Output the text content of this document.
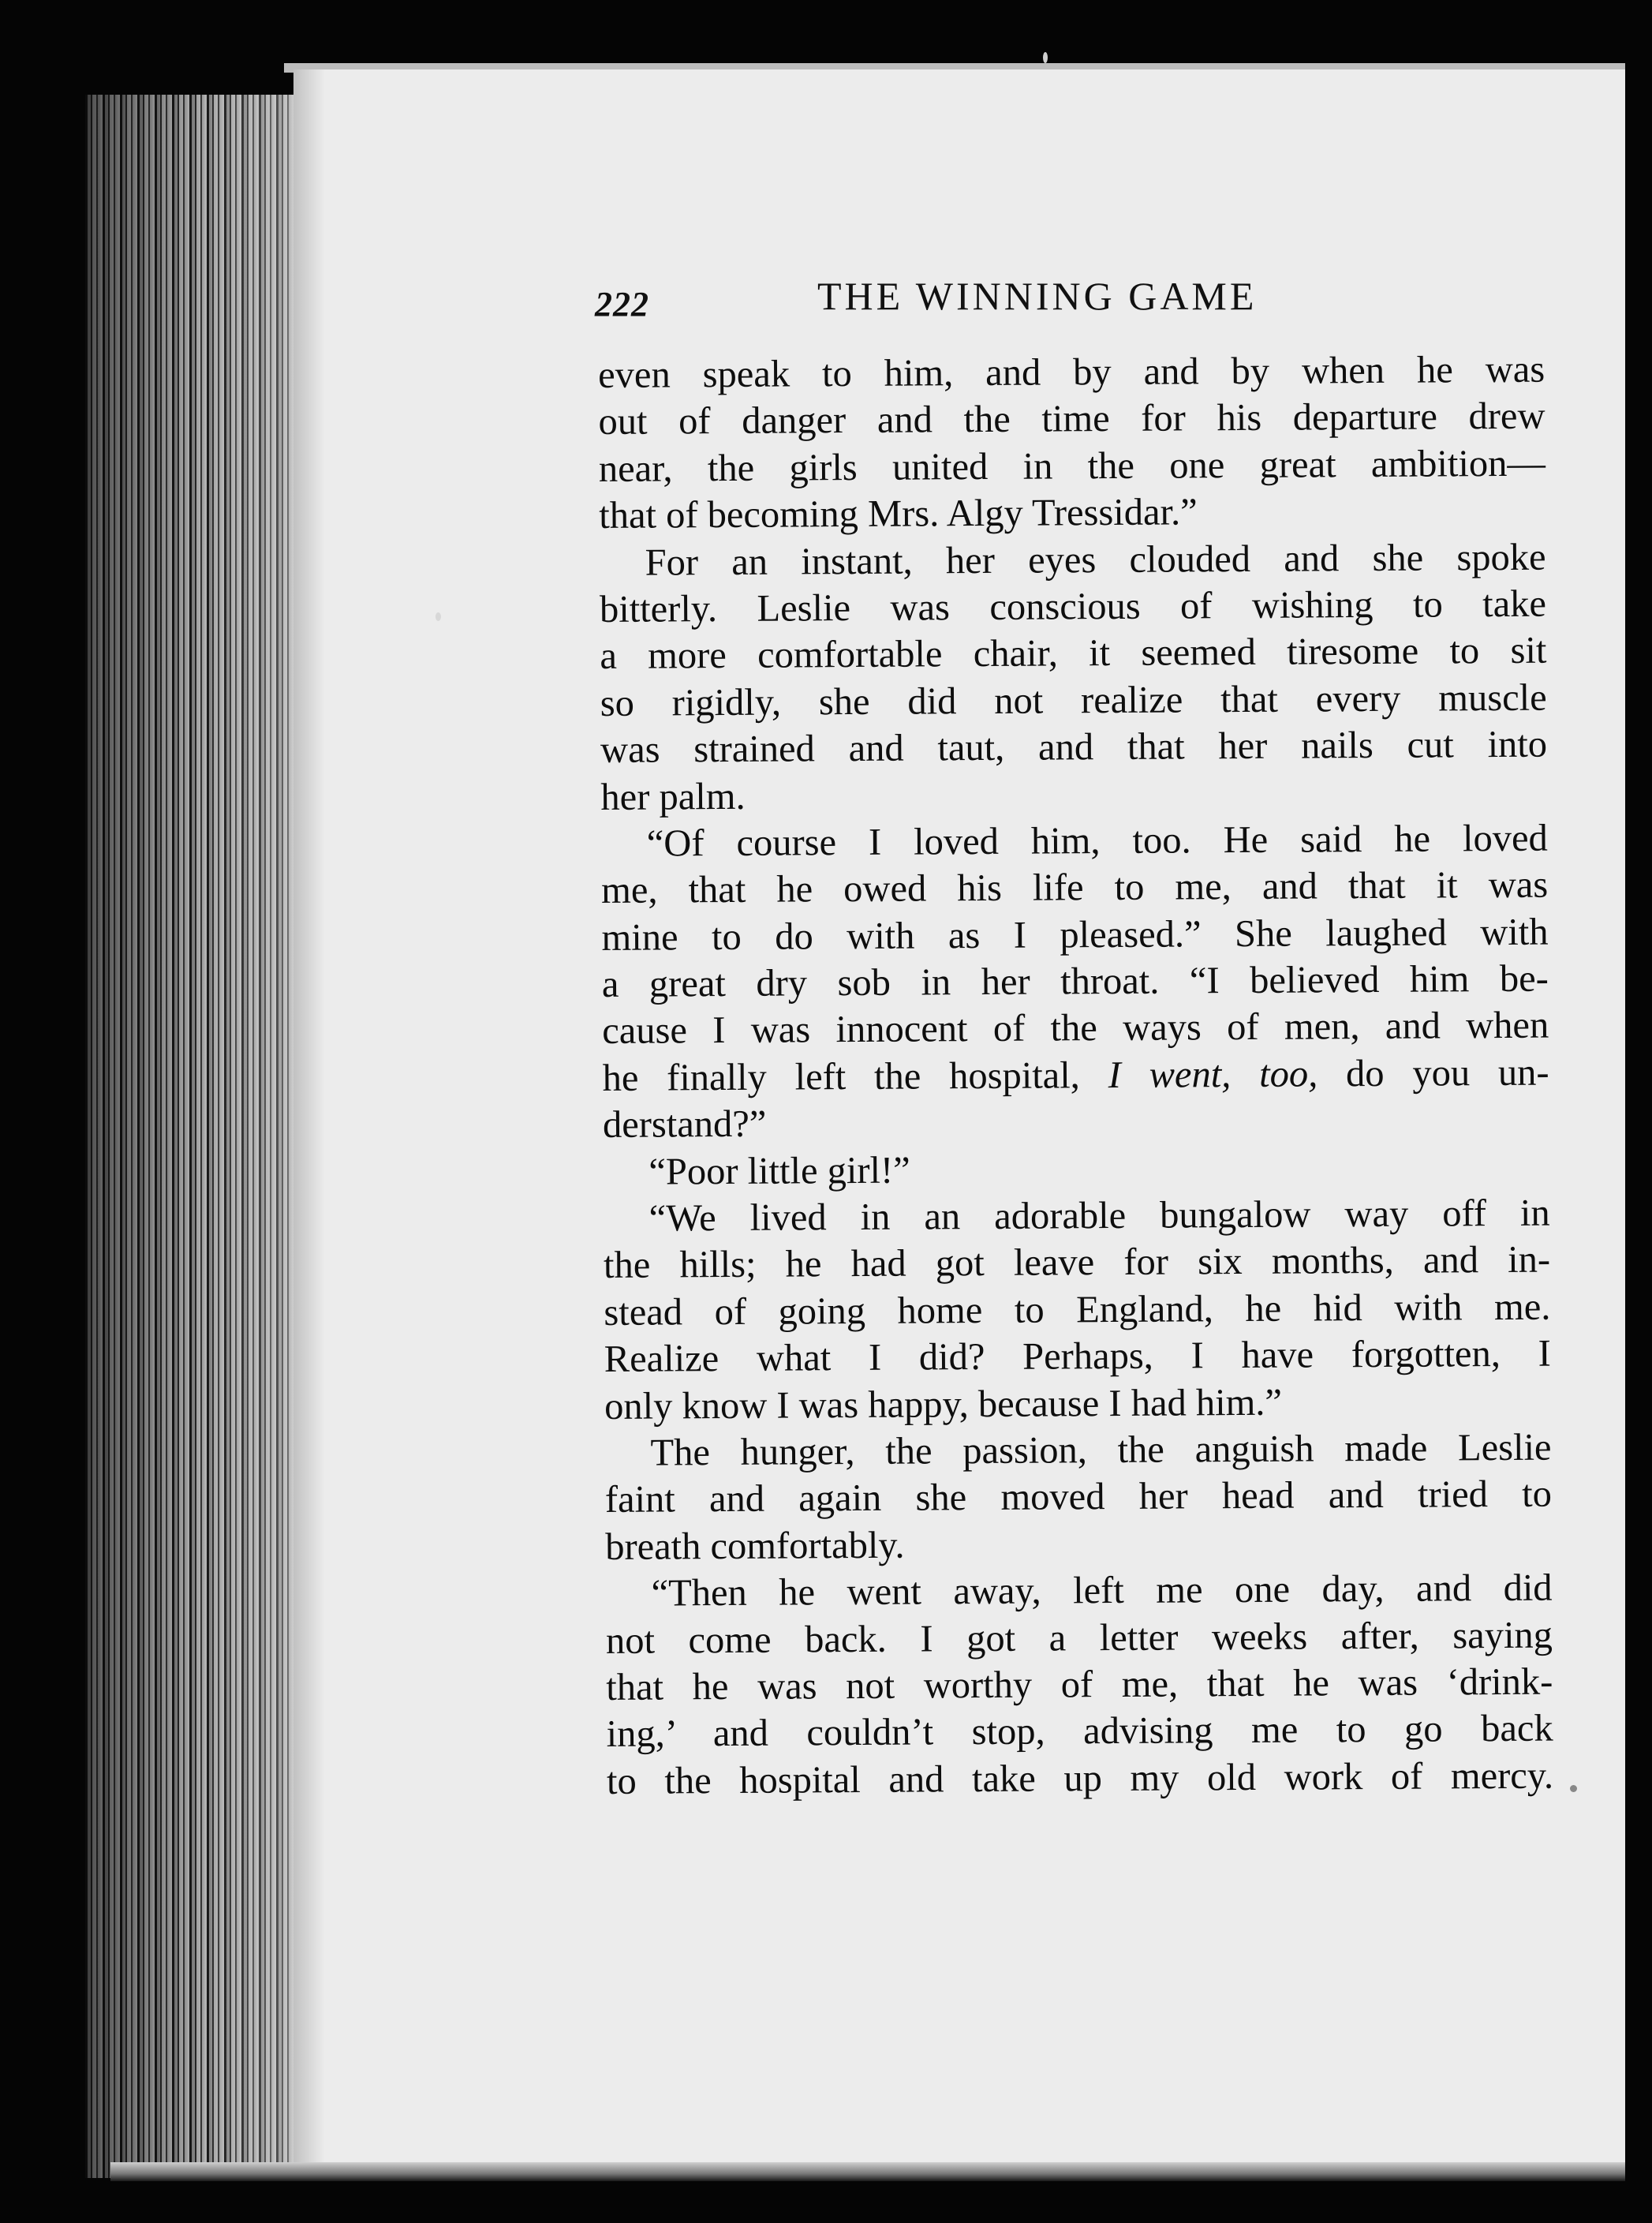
222	THE WINNING GAME
even speak to him, and by and by when he was
out of danger and the time for his departure drew
near, the girls united in the one great ambition—
that of becoming Mrs. Algy Tressidar.”
For an instant, her eyes clouded and she spoke
bitterly. Leslie was conscious of wishing to take
a more comfortable chair, it seemed tiresome to sit
so rigidly, she did not realize that every muscle
was strained and taut, and that her nails cut into
her palm.
“Of course I loved him, too. He said he loved
me, that he owed his life to me, and that it was
mine to do with as I pleased.” She laughed with
a great dry sob in her throat. “I believed him be-
cause I was innocent of the ways of men, and when
he finally left the hospital, I went, too, do you un-
derstand?”
“Poor little girl!”
“We lived in an adorable bungalow way off in
the hills; he had got leave for six months, and in-
stead of going home to England, he hid with me.
Realize what I did? Perhaps, I have forgotten, I
only know I was happy, because I had him.”
The hunger, the passion, the anguish made Leslie
faint and again she moved her head and tried to
breath comfortably.
“Then he went away, left me one day, and did
not come back. I got a letter weeks after, saying
that he was not worthy of me, that he was ‘drink-
ing,’ and couldn’t stop, advising me to go back
to the hospital and take up my old work of mercy.
